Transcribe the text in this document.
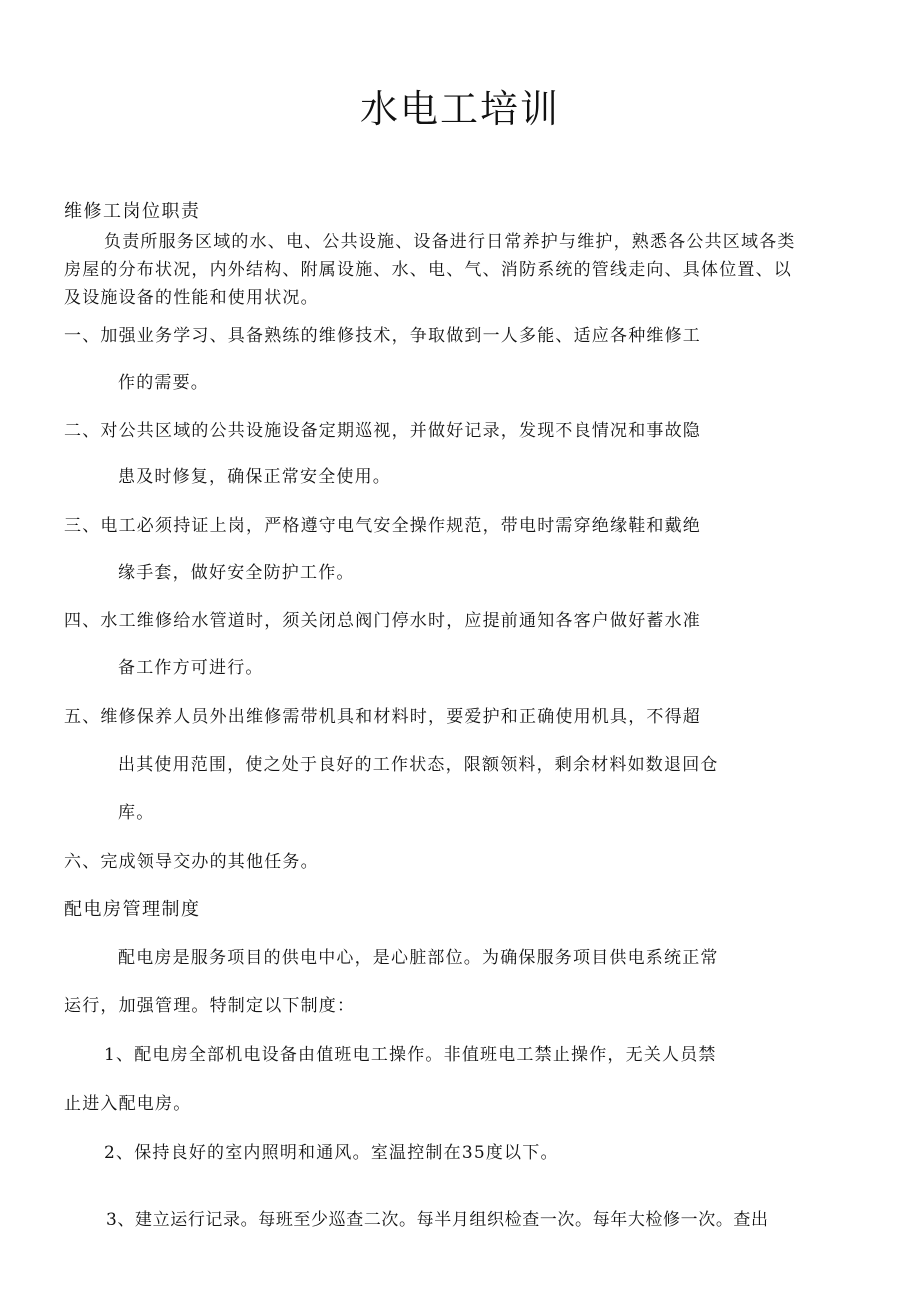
水电工培训
维修工岗位职责
负责所服务区域的水、电、公共设施、设备进行日常养护与维护，熟悉各公共区域各类
房屋的分布状况，内外结构、附属设施、水、电、气、消防系统的管线走向、具体位置、以
及设施设备的性能和使用状况。
一、加强业务学习、具备熟练的维修技术，争取做到一人多能、适应各种维修工
作的需要。
二、对公共区域的公共设施设备定期巡视，并做好记录，发现不良情况和事故隐
患及时修复，确保正常安全使用。
三、电工必须持证上岗，严格遵守电气安全操作规范，带电时需穿绝缘鞋和戴绝
缘手套，做好安全防护工作。
四、水工维修给水管道时，须关闭总阀门停水时，应提前通知各客户做好蓄水准
备工作方可进行。
五、维修保养人员外出维修需带机具和材料时，要爱护和正确使用机具，不得超
出其使用范围，使之处于良好的工作状态，限额领料，剩余材料如数退回仓
库。
六、完成领导交办的其他任务。
配电房管理制度
配电房是服务项目的供电中心，是心脏部位。为确保服务项目供电系统正常
运行，加强管理。特制定以下制度：
1、配电房全部机电设备由值班电工操作。非值班电工禁止操作，无关人员禁
止进入配电房。
2、保持良好的室内照明和通风。室温控制在35度以下。
3、建立运行记录。每班至少巡查二次。每半月组织检查一次。每年大检修一次。查出
